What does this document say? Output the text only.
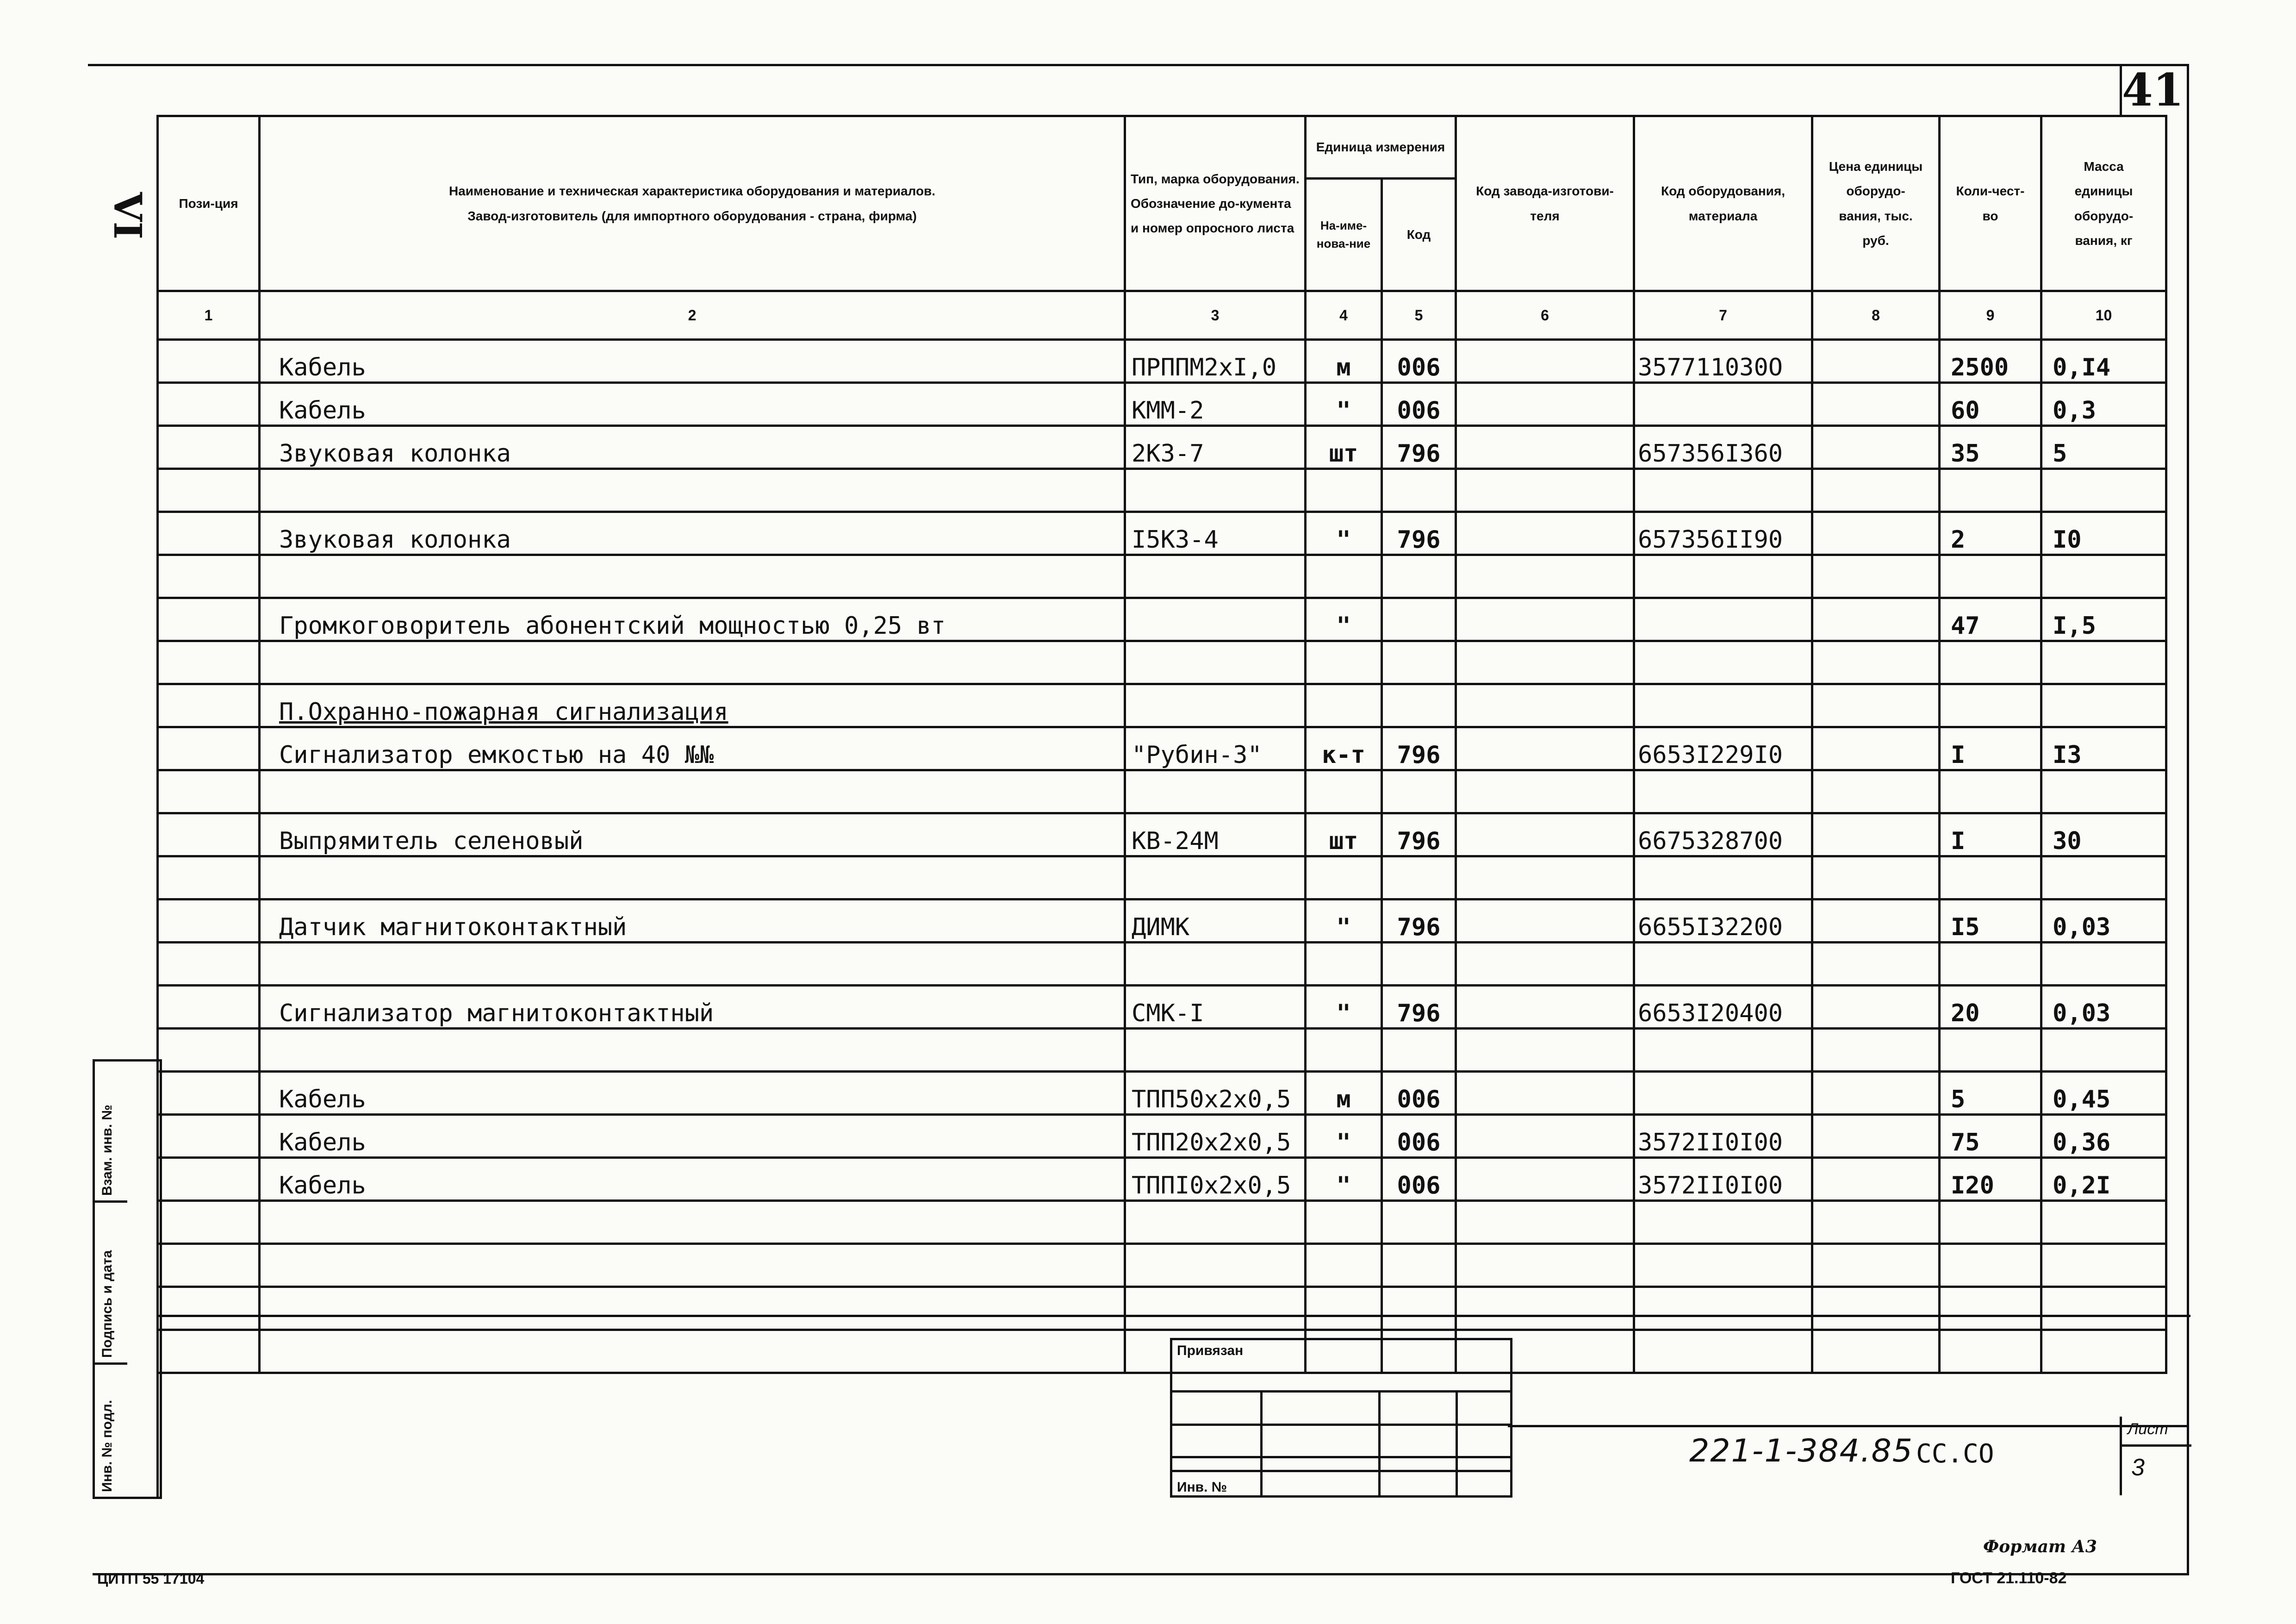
41
VI Пози-ция	Наименование и техническая характеристика оборудования и материалов.
Завод-изготовитель (для импортного оборудования - страна, фирма)	Тип, марка оборудования. Обозначение до-кумента и номер опросного листа	Единица измерения		Код завода-изготови-теля	Код оборудования, материала	Цена единицы оборудо-вания, тыс. руб.	Коли-чест-во	Масса единицы оборудо-вания, кг
			На-име-нова-ние	Код					
1	2	3	4	5	6	7	8	9	10
	Кабель	ПРППМ2хI,0	м	006		357711030О		2500	0,I4
	Кабель	КММ-2	"	006				60	0,3
	Звуковая колонка	2КЗ-7	шт	796		657356I360		35	5

	Звуковая колонка	I5КЗ-4	"	796		657356II90		2	I0

	Громкоговоритель абонентский мощностью 0,25 вт		"					47	I,5

	П.Охранно-пожарная сигнализация								
	Сигнализатор емкостью на 40 №№	"Рубин-3"	к-т	796		6653I229I0		I	I3

	Выпрямитель селеновый	КВ-24М	шт	796		6675328700		I	30

	Датчик магнитоконтактный	ДИМК	"	796		6655I32200		I5	0,03

	Сигнализатор магнитоконтактный	СМК-I	"	796		6653I20400		20	0,03

	Кабель	ТПП50х2х0,5	м	006				5	0,45
	Кабель	ТПП20х2х0,5	"	006		3572II0I00		75	0,36
	Кабель	ТППI0х2х0,5	"	006		3572II0I00		I20	0,2I

Инв. № подл.
Подпись и дата
Взам. инв. №
Привязан
Инв. №
221-1-384.85 СС.СО
Лист
3
Формат А3
ГОСТ 21.110-82
ЦИТП 55 17104
